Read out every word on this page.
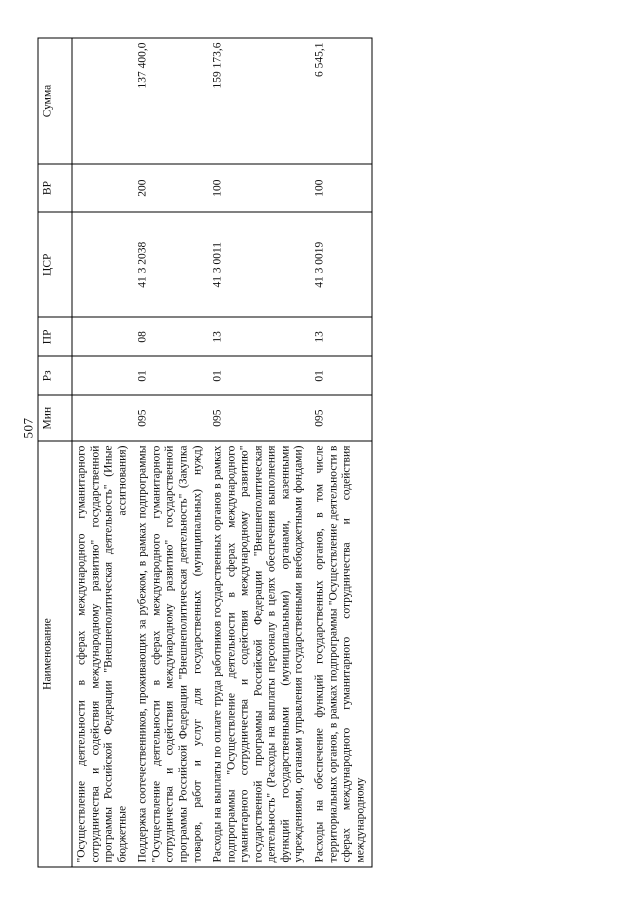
507
Наименование	Мин	Рз	ПР	ЦСР	ВР	Сумма
"Осуществление деятельности в сферах международного гуманитарного сотрудничества и содействия международному развитию" государственной программы Российской Федерации "Внешнеполитическая деятельность" (Иные бюджетные ассигнования)						
Поддержка соотечественников, проживающих за рубежом, в рамках подпрограммы "Осуществление деятельности в сферах международного гуманитарного сотрудничества и содействия международному развитию" государственной программы Российской Федерации "Внешнеполитическая деятельность" (Закупка товаров, работ и услуг для государственных (муниципальных) нужд)	095	01	08	41 3 2038	200	137 400,0
Расходы на выплаты по оплате труда работников государственных органов в рамках подпрограммы "Осуществление деятельности в сферах международного гуманитарного сотрудничества и содействия международному развитию" государственной программы Российской Федерации "Внешнеполитическая деятельность" (Расходы на выплаты персоналу в целях обеспечения выполнения функций государственными (муниципальными) органами, казенными учреждениями, органами управления государственными внебюджетными фондами)	095	01	13	41 3 0011	100	159 173,6
Расходы на обеспечение функций государственных органов, в том числе территориальных органов, в рамках подпрограммы "Осуществление деятельности в сферах международного гуманитарного сотрудничества и содействия международному	095	01	13	41 3 0019	100	6 545,1
